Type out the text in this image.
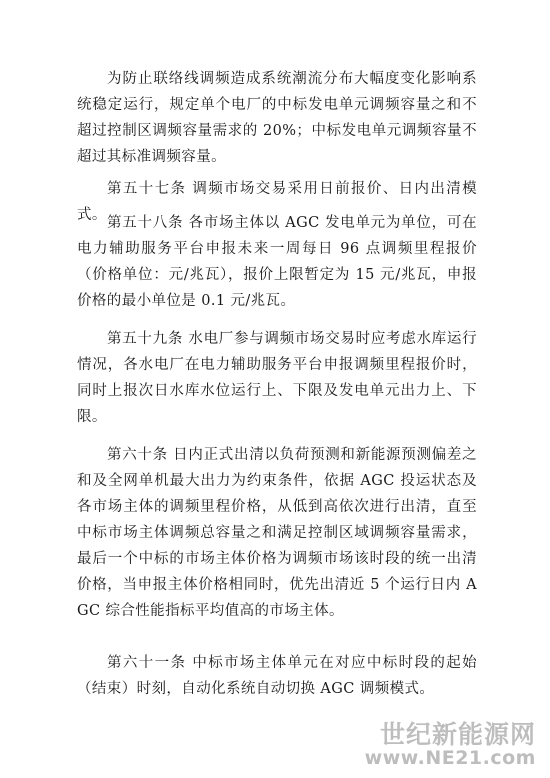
为防止联络线调频造成系统潮流分布大幅度变化影响系统稳定运行，规定单个电厂的中标发电单元调频容量之和不超过控制区调频容量需求的 20%；中标发电单元调频容量不超过其标准调频容量。

第五十七条 调频市场交易采用日前报价、日内出清模式。 第五十八条 各市场主体以 AGC 发电单元为单位，可在电力辅助服务平台申报未来一周每日 96 点调频里程报价（价格单位：元/兆瓦），报价上限暂定为 15 元/兆瓦，申报价格的最小单位是 0.1 元/兆瓦。

第五十九条 水电厂参与调频市场交易时应考虑水库运行情况，各水电厂在电力辅助服务平台申报调频里程报价时，同时上报次日水库水位运行上、下限及发电单元出力上、下限。

第六十条 日内正式出清以负荷预测和新能源预测偏差之和及全网单机最大出力为约束条件，依据 AGC 投运状态及各市场主体的调频里程价格，从低到高依次进行出清，直至中标市场主体调频总容量之和满足控制区域调频容量需求，最后一个中标的市场主体价格为调频市场该时段的统一出清价格，当申报主体价格相同时，优先出清近 5 个运行日内 AGC 综合性能指标平均值高的市场主体。

第六十一条 中标市场主体单元在对应中标时段的起始（结束）时刻，自动化系统自动切换 AGC 调频模式。

世纪新能源网
www.NE21.com
